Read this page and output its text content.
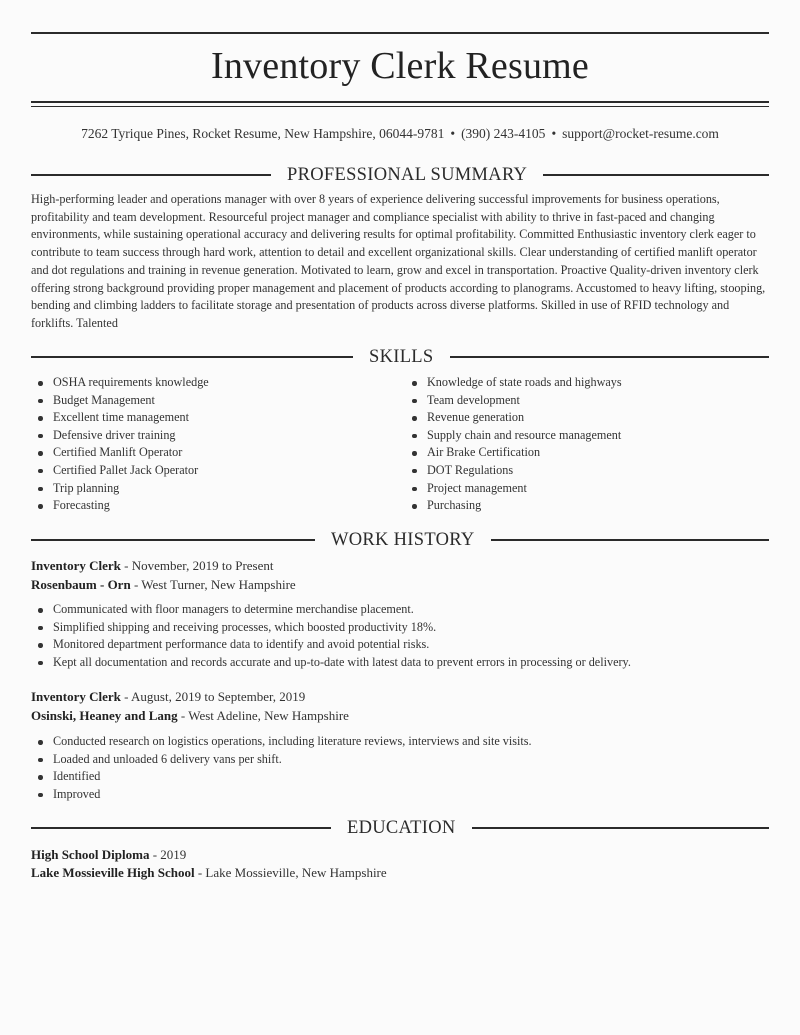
Inventory Clerk Resume
7262 Tyrique Pines, Rocket Resume, New Hampshire, 06044-9781 • (390) 243-4105 • support@rocket-resume.com
PROFESSIONAL SUMMARY
High-performing leader and operations manager with over 8 years of experience delivering successful improvements for business operations, profitability and team development. Resourceful project manager and compliance specialist with ability to thrive in fast-paced and changing environments, while sustaining operational accuracy and delivering results for optimal profitability. Committed Enthusiastic inventory clerk eager to contribute to team success through hard work, attention to detail and excellent organizational skills. Clear understanding of certified manlift operator and dot regulations and training in revenue generation. Motivated to learn, grow and excel in transportation. Proactive Quality-driven inventory clerk offering strong background providing proper management and placement of products according to planograms. Accustomed to heavy lifting, stooping, bending and climbing ladders to facilitate storage and presentation of products across diverse platforms. Skilled in use of RFID technology and forklifts. Talented
SKILLS
OSHA requirements knowledge
Budget Management
Excellent time management
Defensive driver training
Certified Manlift Operator
Certified Pallet Jack Operator
Trip planning
Forecasting
Knowledge of state roads and highways
Team development
Revenue generation
Supply chain and resource management
Air Brake Certification
DOT Regulations
Project management
Purchasing
WORK HISTORY
Inventory Clerk - November, 2019 to Present
Rosenbaum - Orn - West Turner, New Hampshire
Communicated with floor managers to determine merchandise placement.
Simplified shipping and receiving processes, which boosted productivity 18%.
Monitored department performance data to identify and avoid potential risks.
Kept all documentation and records accurate and up-to-date with latest data to prevent errors in processing or delivery.
Inventory Clerk - August, 2019 to September, 2019
Osinski, Heaney and Lang - West Adeline, New Hampshire
Conducted research on logistics operations, including literature reviews, interviews and site visits.
Loaded and unloaded 6 delivery vans per shift.
Identified
Improved
EDUCATION
High School Diploma - 2019
Lake Mossieville High School - Lake Mossieville, New Hampshire
